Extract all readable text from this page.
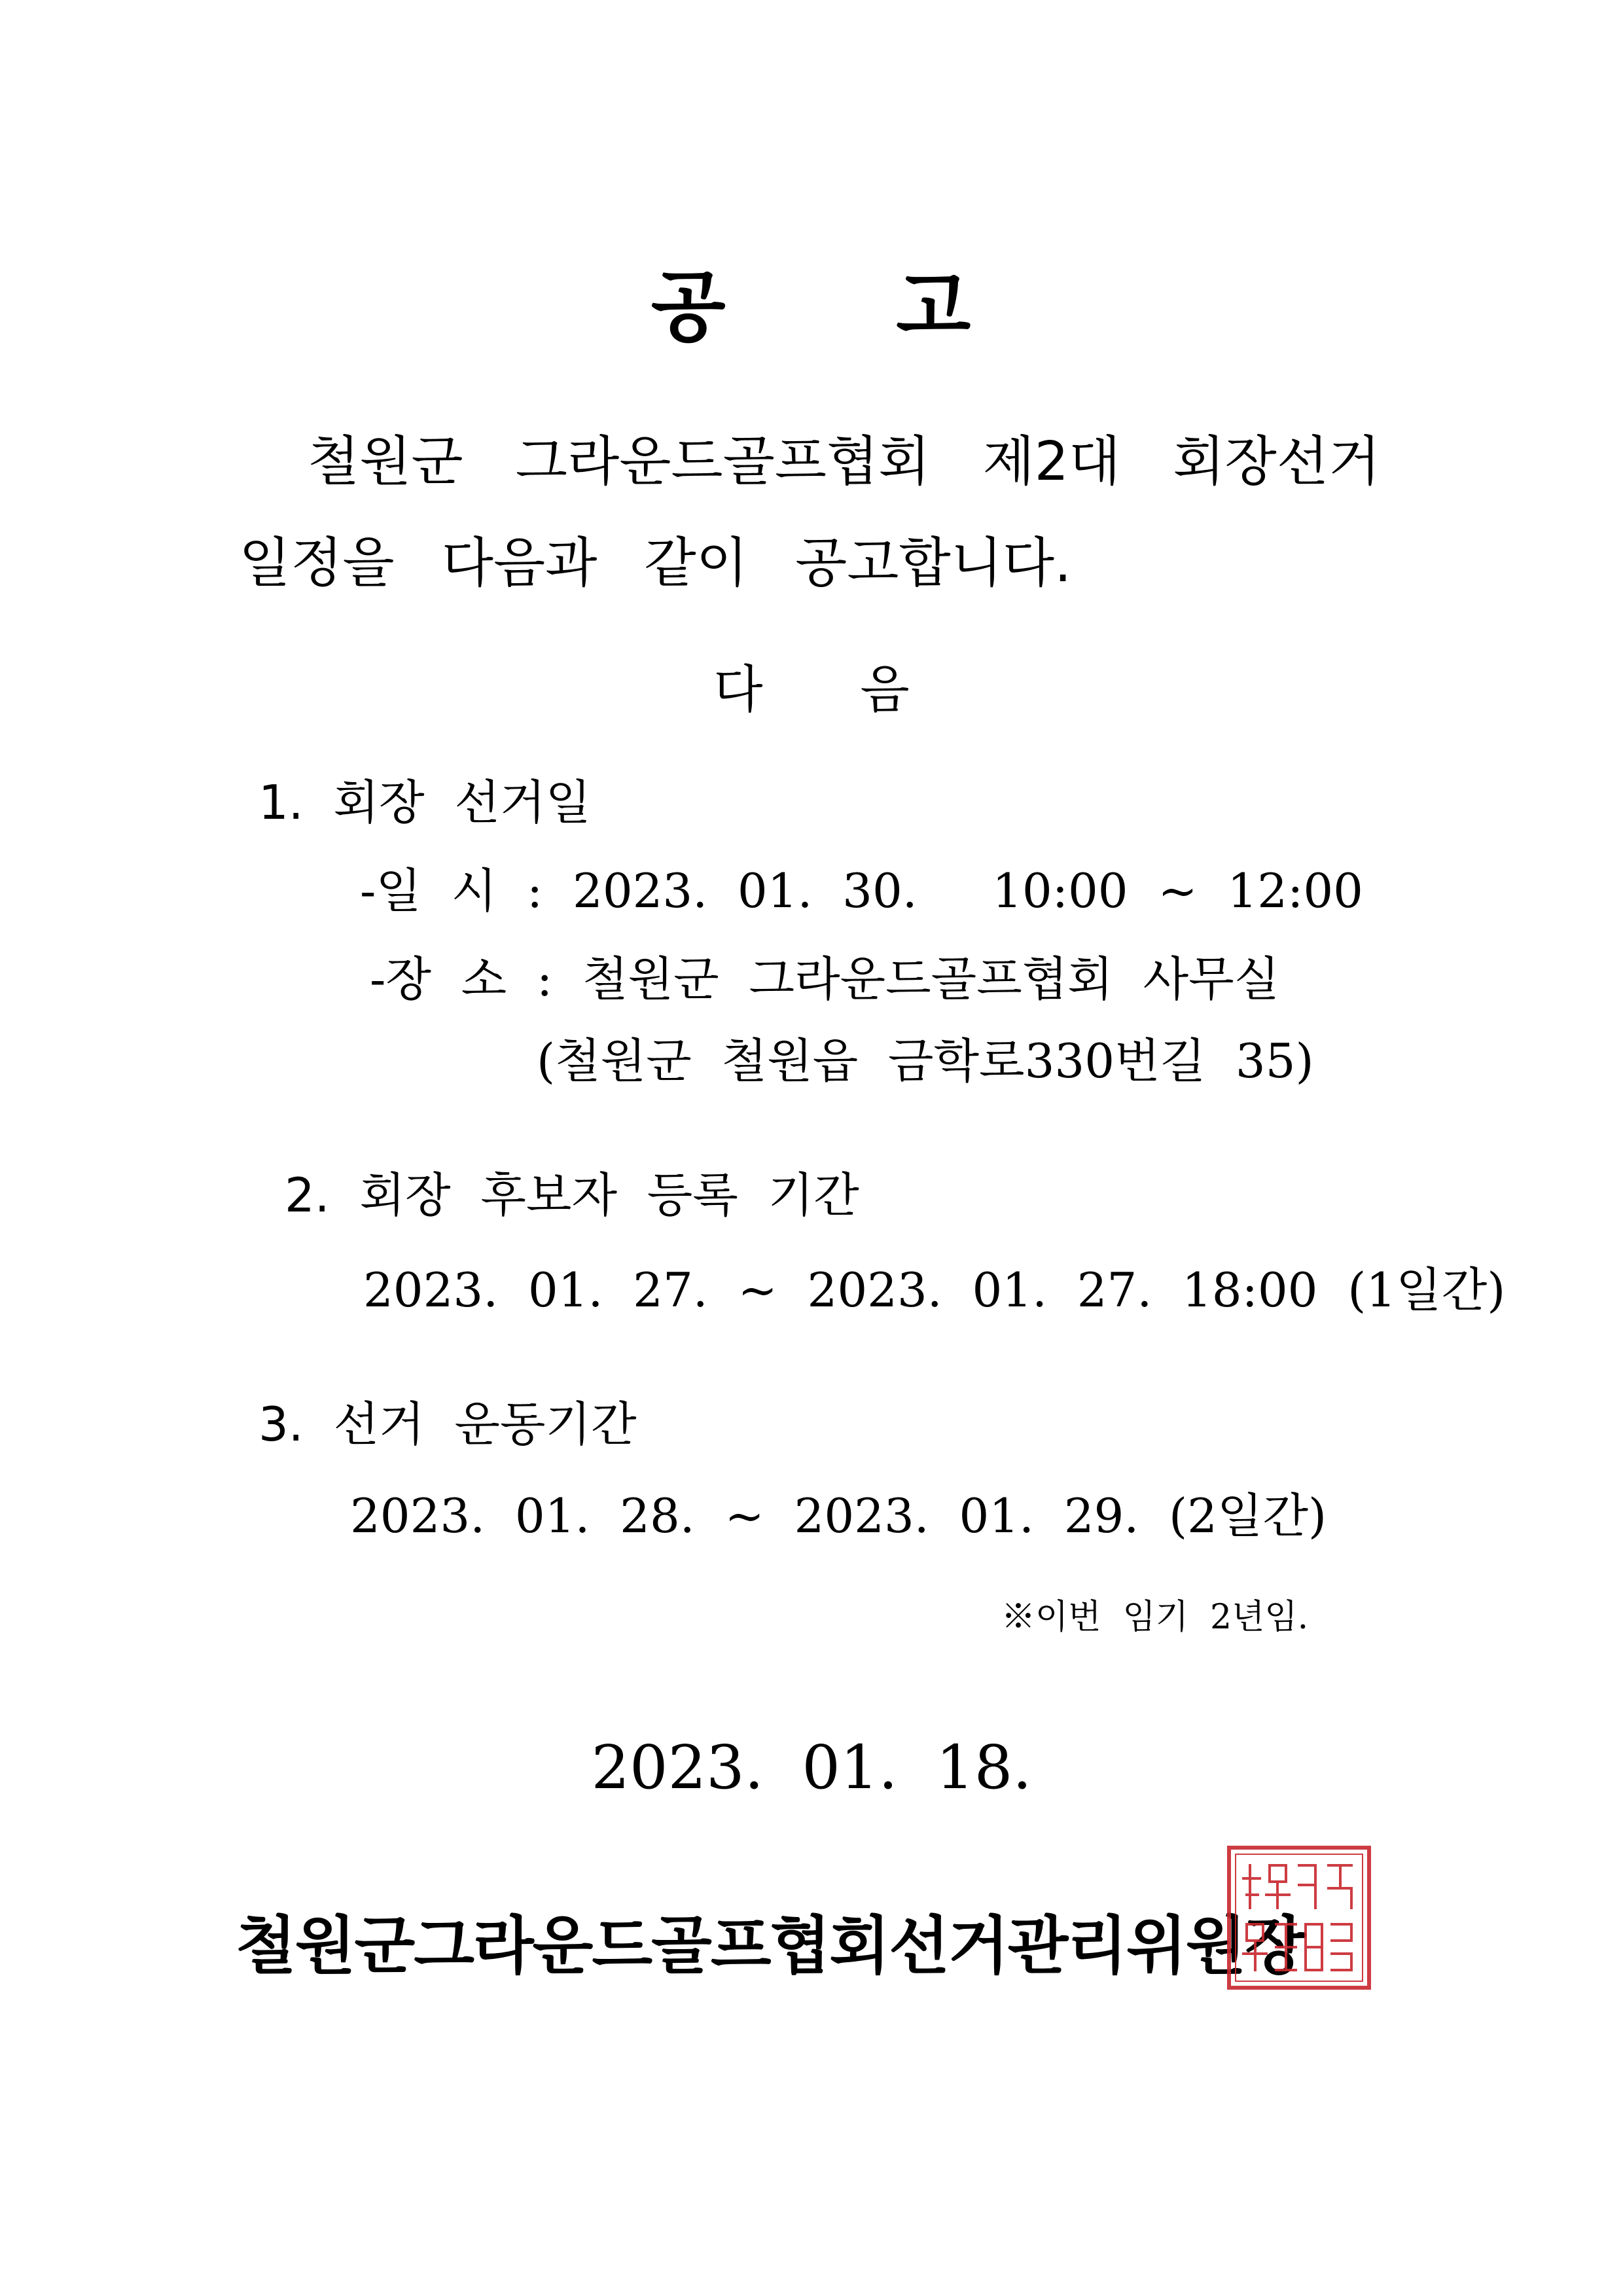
공      고
철원군  그라운드골프협회  제2대  회장선거
일정을  다음과  같이  공고합니다.
다      음
1.  회장  선거일
-일  시  :  2023.  01.  30.     10:00  ~  12:00
-장  소  :  철원군  그라운드골프협회  사무실
(철원군  철원읍  금학로330번길  35)
2.  회장  후보자  등록  기간
2023.  01.  27.  ~  2023.  01.  27.  18:00  (1일간)
3.  선거  운동기간
2023.  01.  28.  ~  2023.  01.  29.  (2일간)
※이번  임기  2년임.
2023.  01.  18.
철원군그라운드골프협회선거관리위원장
